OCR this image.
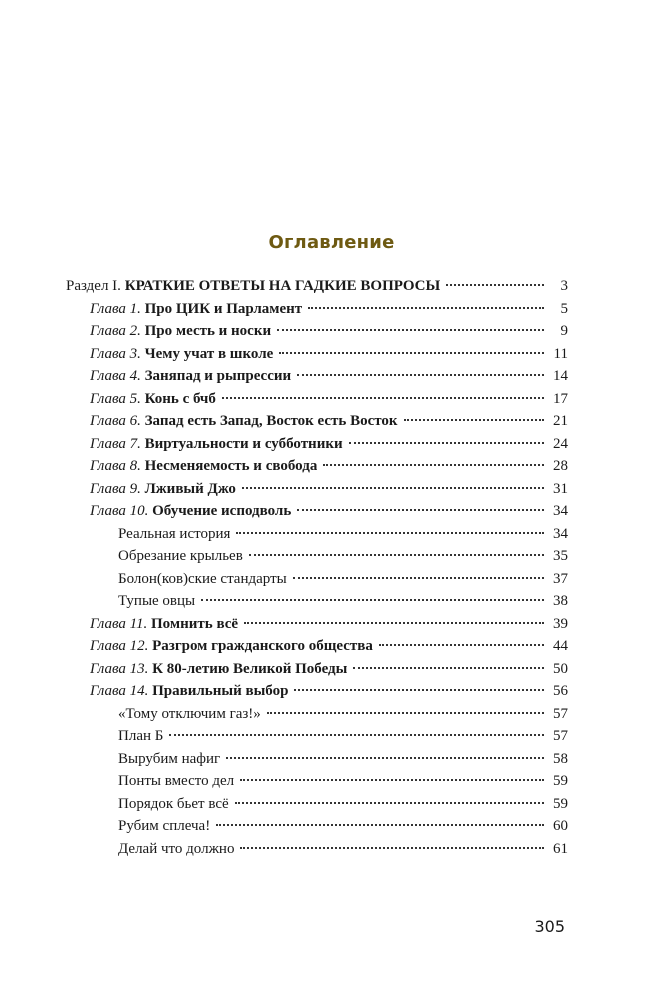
Оглавление
Раздел I. КРАТКИЕ ОТВЕТЫ НА ГАДКИЕ ВОПРОСЫ	3
Глава 1. Про ЦИК и Парламент	5
Глава 2. Про месть и носки	9
Глава 3. Чему учат в школе	11
Глава 4. Заняпад и рыпрессии	14
Глава 5. Конь с бчб	17
Глава 6. Запад есть Запад, Восток есть Восток	21
Глава 7. Виртуальности и субботники	24
Глава 8. Несменяемость и свобода	28
Глава 9. Лживый Джо	31
Глава 10. Обучение исподволь	34
Реальная история	34
Обрезание крыльев	35
Болон(ков)ские стандарты	37
Тупые овцы	38
Глава 11. Помнить всё	39
Глава 12. Разгром гражданского общества	44
Глава 13. К 80-летию Великой Победы	50
Глава 14. Правильный выбор	56
«Тому отключим газ!»	57
План Б	57
Вырубим нафиг	58
Понты вместо дел	59
Порядок бьет всё	59
Рубим сплеча!	60
Делай что должно	61
305
